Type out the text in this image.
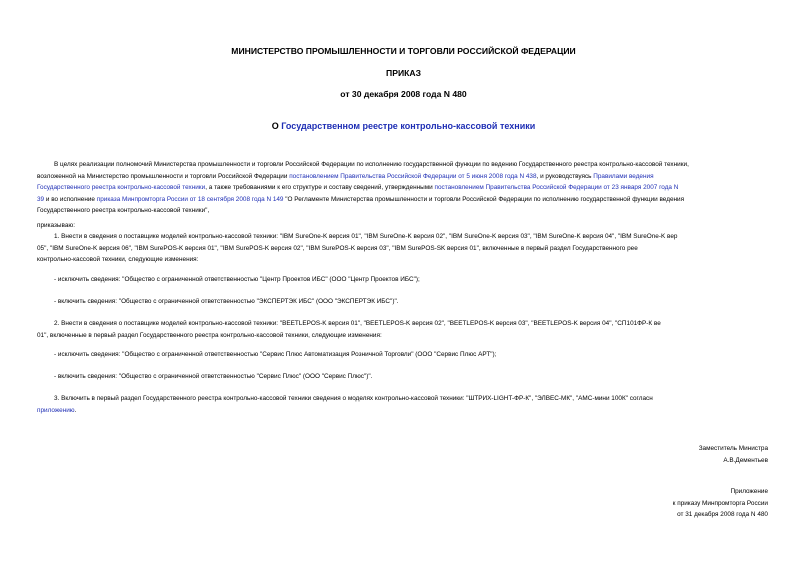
МИНИСТЕРСТВО ПРОМЫШЛЕННОСТИ И ТОРГОВЛИ РОССИЙСКОЙ ФЕДЕРАЦИИ
ПРИКАЗ
от 30 декабря 2008 года N 480
О Государственном реестре контрольно-кассовой техники
В целях реализации полномочий Министерства промышленности и торговли Российской Федерации по исполнению государственной функции по ведению Государственного реестра контрольно-кассовой техники,
возложенной на Министерство промышленности и торговли Российской Федерации постановлением Правительства Российской Федерации от 5 июня 2008 года N 438, и руководствуясь Правилами ведения
Государственного реестра контрольно-кассовой техники, а также требованиями к его структуре и составу сведений, утвержденными постановлением Правительства Российской Федерации от 23 января 2007 года N
39 и во исполнение приказа Минпромторга России от 18 сентября 2008 года N 149 "О Регламенте Министерства промышленности и торговли Российской Федерации по исполнению государственной функции ведения
Государственного реестра контрольно-кассовой техники",
приказываю:
1. Внести в сведения о поставщике моделей контрольно-кассовой техники: "IBM SureOne-K версия 01", "IBM SureOne-K версия 02", "IBM SureOne-K версия 03", "IBM SureOne-K версия 04", "IBM SureOne-K вер
05", "IBM SureOne-K версия 06", "IBM SurePOS-K версия 01", "IBM SurePOS-K версия 02", "IBM SurePOS-K версия 03", "IBM SurePOS-SK версия 01", включенные в первый раздел Государственного рее
контрольно-кассовой техники, следующие изменения:
- исключить сведения: "Общество с ограниченной ответственностью "Центр Проектов ИБС" (ООО "Центр Проектов ИБС");
- включить сведения: "Общество с ограниченной ответственностью "ЭКСПЕРТЭК ИБС" (ООО "ЭКСПЕРТЭК ИБС")".
2. Внести в сведения о поставщике моделей контрольно-кассовой техники: "BEETLEPOS-K версия 01", "BEETLEPOS-K версия 02", "BEETLEPOS-K версия 03", "BEETLEPOS-K версия 04", "СП101ФР-К ве
01", включенные в первый раздел Государственного реестра контрольно-кассовой техники, следующие изменения:
- исключить сведения: "Общество с ограниченной ответственностью "Сервис Плюс Автоматизация Розничной Торговли" (ООО "Сервис Плюс АРТ");
- включить сведения: "Общество с ограниченной ответственностью "Сервис Плюс" (ООО "Сервис Плюс")".
3. Включить в первый раздел Государственного реестра контрольно-кассовой техники сведения о моделях контрольно-кассовой техники: "ШТРИХ-LIGHT-ФР-К", "ЭЛВЕС-МК", "АМС-мини 100К" согласн
приложению.
Заместитель Министра
А.В.Дементьев
Приложение
к приказу Минпромторга России
от 31 декабря 2008 года N 480
